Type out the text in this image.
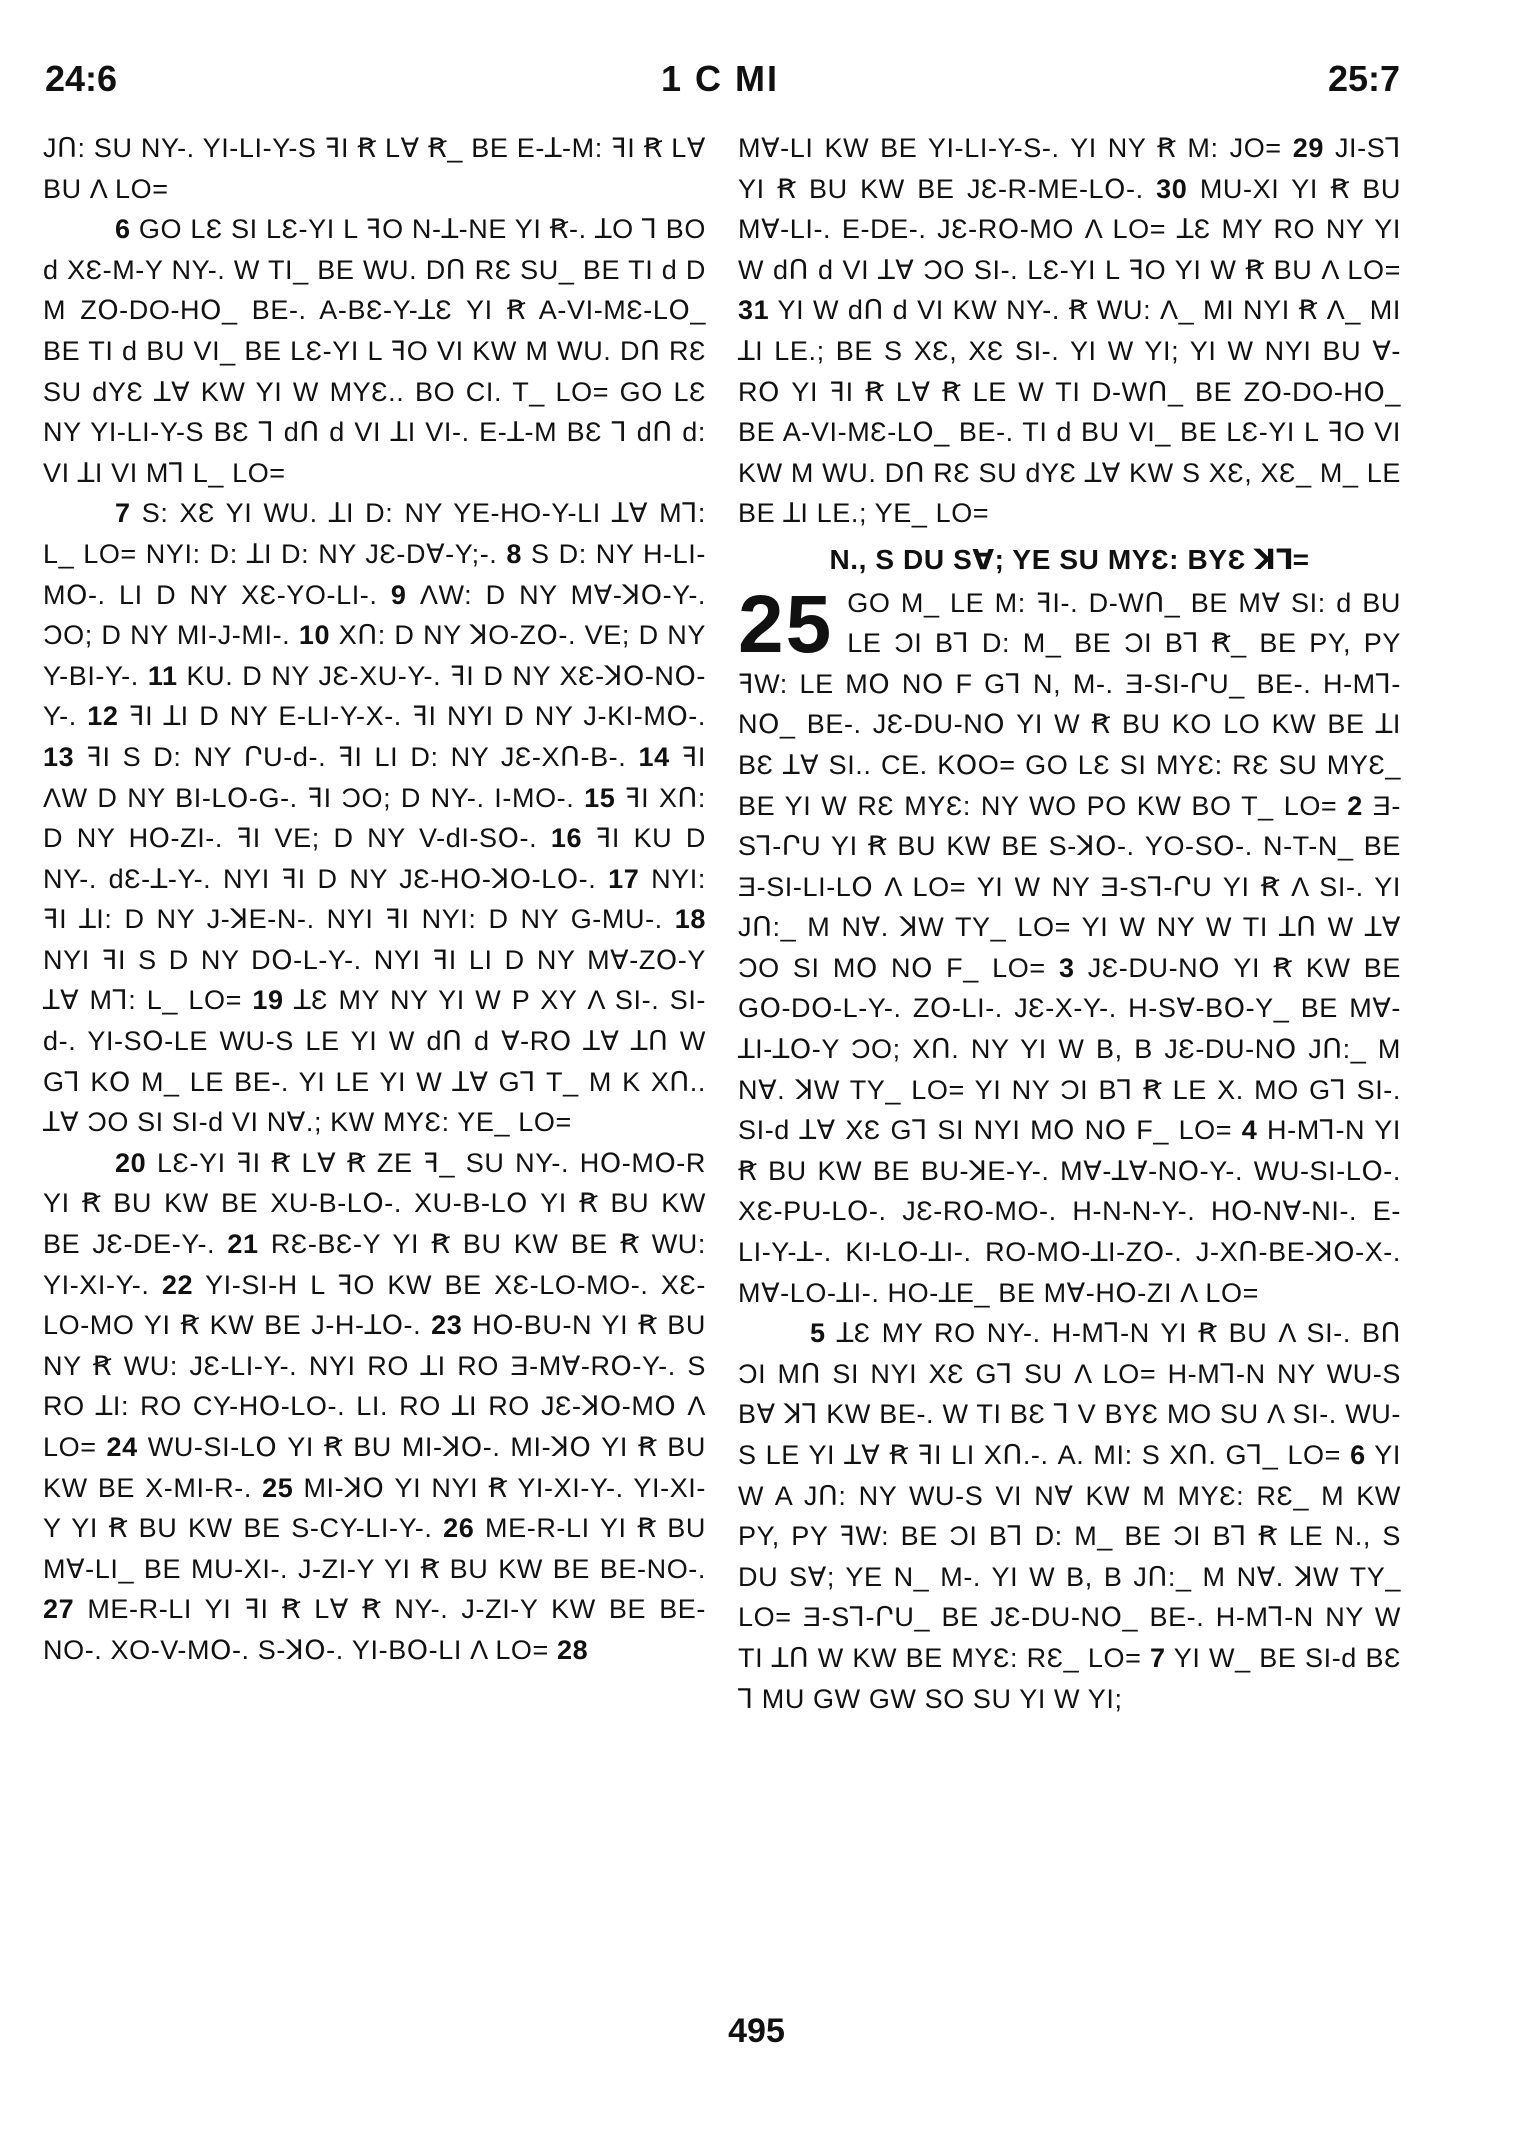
24:6	1 C MI	25:7

JՈ: SU NY-. YI-LI-Y-S ꟻI Ꞧ LⱯ Ꞧ_ BE E-ꓕ-M: ꟻI Ꞧ LⱯ BU Λ LO=

6 GO LƐ SI LƐ-YI L ꟻO N-ꓕ-NE YI Ꞧ-. ꓕO ꓶ BO d XƐ-M-Y NY-. W TI_ BE WU. DՈ RƐ SU_ BE TI d D M ZՕ-DO-HՕ_ BE-. A-BƐ-Y-ꓕƐ YI Ꞧ A-VI-MƐ-LՕ_ BE TI d BU VI_ BE LƐ-YI L ꟻO VI KW M WU. DՈ RƐ SU ԁYƐ ꓕⱯ KW YI W MYƐ.. BO CI. T_ LO= GO LƐ NY YI-LI-Y-S BƐ ꓶ ԁՈ d VI ꓕI VI-. E-ꓕ-M BƐ ꓶ ԁՈ d: VI ꓕI VI Mꓶ L_ LO=

7 S: XƐ YI WU. ꓕI D: NY YE-HO-Y-LI ꓕⱯ Mꓶ: L_ LO= NYI: D: ꓕI D: NY JƐ-DⱯ-Y;-. 8 S D: NY H-LI-MՕ-. LI D NY XƐ-YO-LI-. 9 ΛW: D NY MⱯ-ꓘՕ-Y-. ƆO; D NY MI-J-MI-. 10 XՈ: D NY ꓘO-ZՕ-. VE; D NY Y-BI-Y-. 11 KU. D NY JƐ-XU-Y-. ꟻI D NY XƐ-ꓘՕ-NՕ-Y-. 12 ꟻI ꓕI D NY E-LI-Y-X-. ꟻI NYI D NY J-KI-MՕ-. 13 ꟻI S D: NY ՐU-ԁ-. ꟻI LI D: NY JƐ-XՈ-B-. 14 ꟻI ΛW D NY BI-LՕ-G-. ꟻI ƆO; D NY-. I-MO-. 15 ꟻI XՈ: D NY HՕ-ZI-. ꟻI VE; D NY V-ԁI-SՕ-. 16 ꟻI KU D NY-. ԁƐ-ꓕ-Y-. NYI ꟻI D NY JƐ-HՕ-ꓘՕ-LՕ-. 17 NYI: ꟻI ꓕI: D NY J-ꓘE-N-. NYI ꟻI NYI: D NY G-MU-. 18 NYI ꟻI S D NY DՕ-L-Y-. NYI ꟻI LI D NY MⱯ-ZՕ-Y ꓕⱯ Mꓶ: L_ LO= 19 ꓕƐ MY NY YI W P XY Λ SI-. SI-d-. YI-SՕ-LE WU-S LE YI W ԁՈ d Ɐ-RՕ ꓕⱯ ꓕՈ W Gꓶ KՕ M_ LE BE-. YI LE YI W ꓕⱯ Gꓶ T_ M K XՈ.. ꓕⱯ ƆO SI SI-ԁ VI NⱯ.; KW MYƐ: YE_ LO=

20 LƐ-YI ꟻI Ꞧ LⱯ Ꞧ ZE ꟻ_ SU NY-. HՕ-MՕ-R YI Ꞧ BU KW BE XU-B-LՕ-. XU-B-LՕ YI Ꞧ BU KW BE JƐ-DE-Y-. 21 RƐ-BƐ-Y YI Ꞧ BU KW BE Ꞧ WU: YI-XI-Y-. 22 YI-SI-H L ꟻO KW BE XƐ-LO-MO-. XƐ-LO-MO YI Ꞧ KW BE J-H-ꓕՕ-. 23 HՕ-BU-N YI Ꞧ BU NY Ꞧ WU: JƐ-LI-Y-. NYI RO ꓕI RO Ǝ-MⱯ-RՕ-Y-. S RO ꓕI: RO CY-HՕ-LO-. LI. RO ꓕI RO JƐ-ꓘՕ-MՕ Λ LO= 24 WU-SI-LՕ YI Ꞧ BU MI-ꓘՕ-. MI-ꓘՕ YI Ꞧ BU KW BE X-MI-R-. 25 MI-ꓘՕ YI NYI Ꞧ YI-XI-Y-. YI-XI-Y YI Ꞧ BU KW BE S-CY-LI-Y-. 26 ME-R-LI YI Ꞧ BU MⱯ-LI_ BE MU-XI-. J-ZI-Y YI Ꞧ BU KW BE BE-NO-. 27 ME-R-LI YI ꟻI Ꞧ LⱯ Ꞧ NY-. J-ZI-Y KW BE BE-NO-. XO-V-MՕ-. S-ꓘՕ-. YI-BՕ-LI Λ LO= 28

MⱯ-LI KW BE YI-LI-Y-S-. YI NY Ꞧ M: JO= 29 JI-Sꓶ YI Ꞧ BU KW BE JƐ-R-ME-LՕ-. 30 MU-XI YI Ꞧ BU MⱯ-LI-. E-DE-. JƐ-RՕ-MO Λ LO= ꓕƐ MY RO NY YI W ԁՈ d VI ꓕⱯ ƆO SI-. LƐ-YI L ꟻO YI W Ꞧ BU Λ LO= 31 YI W ԁՈ d VI KW NY-. Ꞧ WU: Λ_ MI NYI Ꞧ Λ_ MI ꓕI LE.; BE S XƐ, XƐ SI-. YI W YI; YI W NYI BU Ɐ-RՕ YI ꟻI Ꞧ LⱯ Ꞧ LE W TI D-WՈ_ BE ZՕ-DO-HՕ_ BE A-VI-MƐ-LՕ_ BE-. TI d BU VI_ BE LƐ-YI L ꟻO VI KW M WU. DՈ RƐ SU ԁYƐ ꓕⱯ KW S XƐ, XƐ_ M_ LE BE ꓕI LE.; YE_ LO=

N., S DU SⱯ; YE SU MYƐ: BYƐ ꓘꓶ=
25 GO M_ LE M: ꟻI-. D-WՈ_ BE MⱯ SI: d BU LE ƆI Bꓶ D: M_ BE ƆI Bꓶ Ꞧ_ BE PY, PY ꟻW: LE MՕ NՕ F Gꓶ N, M-. Ǝ-SI-ՐU_ BE-. H-Mꓶ-NՕ_ BE-. JƐ-DU-NՕ YI W Ꞧ BU KO LO KW BE ꓕI BƐ ꓕⱯ SI.. CE. KՕO= GO LƐ SI MYƐ: RƐ SU MYƐ_ BE YI W RƐ MYƐ: NY WO PO KW BO T_ LO= 2 Ǝ-Sꓶ-ՐU YI Ꞧ BU KW BE S-ꓘՕ-. YO-SՕ-. N-T-N_ BE Ǝ-SI-LI-LՕ Λ LO= YI W NY Ǝ-Sꓶ-ՐU YI Ꞧ Λ SI-. YI JՈ:_ M NⱯ. ꓘW TY_ LO= YI W NY W TI ꓕՈ W ꓕⱯ ƆO SI MՕ NՕ F_ LO= 3 JƐ-DU-NՕ YI Ꞧ KW BE GՕ-DՕ-L-Y-. ZՕ-LI-. JƐ-X-Y-. H-SⱯ-BՕ-Y_ BE MⱯ-ꓕI-ꓕՕ-Y ƆO; XՈ. NY YI W B, B JƐ-DU-NՕ JՈ:_ M NⱯ. ꓘW TY_ LO= YI NY ƆI Bꓶ Ꞧ LE X. MO Gꓶ SI-. SI-d ꓕⱯ XƐ Gꓶ SI NYI MՕ NՕ F_ LO= 4 H-Mꓶ-N YI Ꞧ BU KW BE BU-ꓘE-Y-. MⱯ-ꓕⱯ-NՕ-Y-. WU-SI-LՕ-. XƐ-PU-LՕ-. JƐ-RՕ-MO-. H-N-N-Y-. HՕ-NⱯ-NI-. E-LI-Y-ꓕ-. KI-LՕ-ꓕI-. RO-MՕ-ꓕI-ZՕ-. J-XՈ-BE-ꓘՕ-X-. MⱯ-LO-ꓕI-. HO-ꓕE_ BE MⱯ-HՕ-ZI Λ LO=

5 ꓕƐ MY RO NY-. H-Mꓶ-N YI Ꞧ BU Λ SI-. BՈ ƆI MՈ SI NYI XƐ Gꓶ SU Λ LO= H-Mꓶ-N NY WU-S BⱯ ꓘꓶ KW BE-. W TI BƐ ꓶ V BYƐ MO SU Λ SI-. WU-S LE YI ꓕⱯ Ꞧ ꟻI LI XՈ.-. A. MI: S XՈ. Gꓶ_ LO= 6 YI W A JՈ: NY WU-S VI NⱯ KW M MYƐ: RƐ_ M KW PY, PY ꟻW: BE ƆI Bꓶ D: M_ BE ƆI Bꓶ Ꞧ LE N., S DU SⱯ; YE N_ M-. YI W B, B JՈ:_ M NⱯ. ꓘW TY_ LO= Ǝ-Sꓶ-ՐU_ BE JƐ-DU-NՕ_ BE-. H-Mꓶ-N NY W TI ꓕՈ W KW BE MYƐ: RƐ_ LO= 7 YI W_ BE SI-d BƐ ꓶ MU GW GW SO SU YI W YI;

495
